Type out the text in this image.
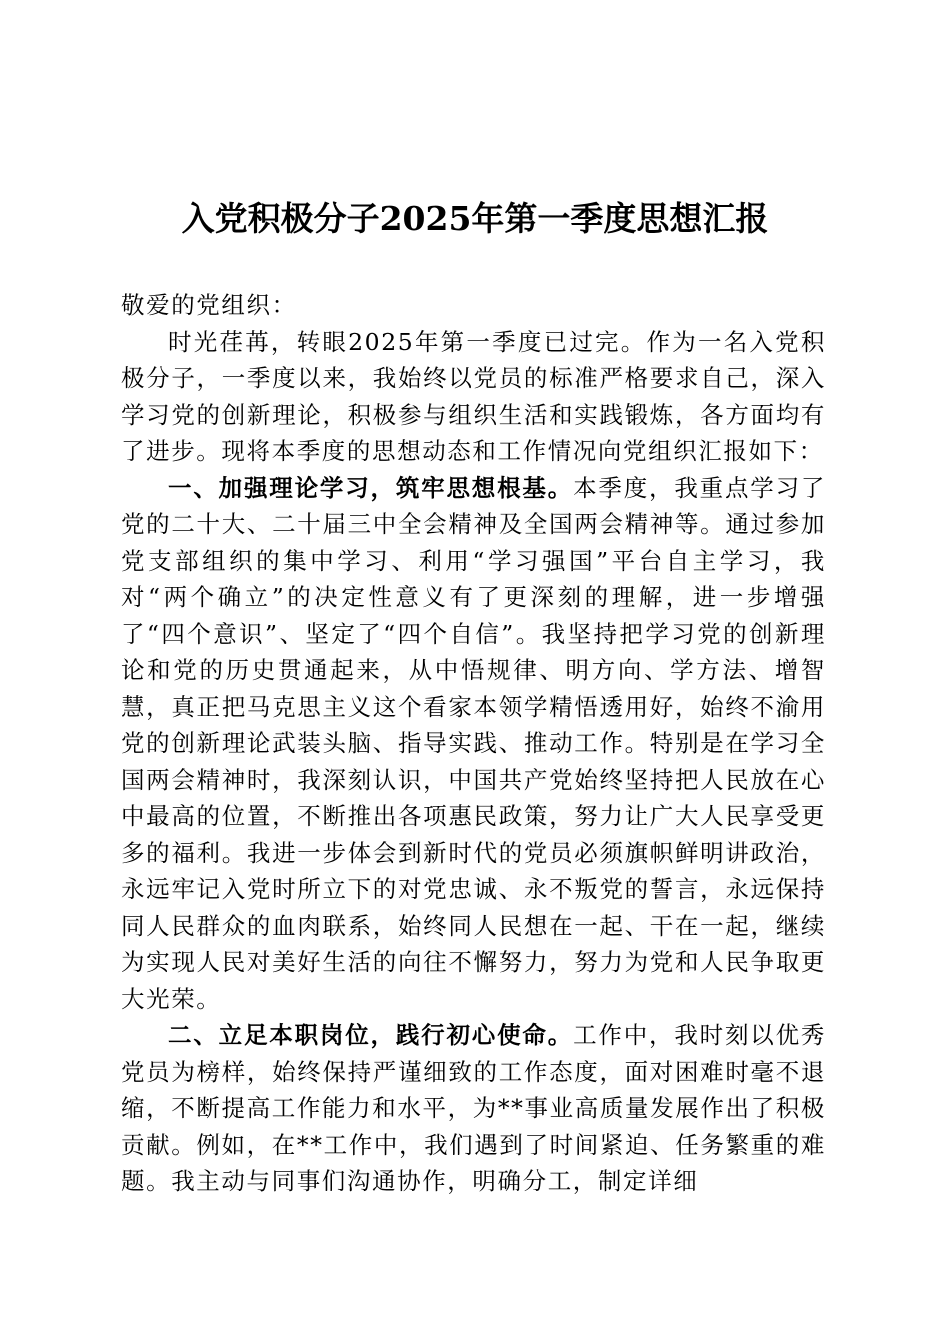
入党积极分子2025年第一季度思想汇报

敬爱的党组织：

时光荏苒，转眼2025年第一季度已过完。作为一名入党积极分子，一季度以来，我始终以党员的标准严格要求自己，深入学习党的创新理论，积极参与组织生活和实践锻炼，各方面均有了进步。现将本季度的思想动态和工作情况向党组织汇报如下：

一、加强理论学习，筑牢思想根基。本季度，我重点学习了党的二十大、二十届三中全会精神及全国两会精神等。通过参加党支部组织的集中学习、利用“学习强国”平台自主学习，我对“两个确立”的决定性意义有了更深刻的理解，进一步增强了“四个意识”、坚定了“四个自信”。我坚持把学习党的创新理论和党的历史贯通起来，从中悟规律、明方向、学方法、增智慧，真正把马克思主义这个看家本领学精悟透用好，始终不渝用党的创新理论武装头脑、指导实践、推动工作。特别是在学习全国两会精神时，我深刻认识，中国共产党始终坚持把人民放在心中最高的位置，不断推出各项惠民政策，努力让广大人民享受更多的福利。我进一步体会到新时代的党员必须旗帜鲜明讲政治，永远牢记入党时所立下的对党忠诚、永不叛党的誓言，永远保持同人民群众的血肉联系，始终同人民想在一起、干在一起，继续为实现人民对美好生活的向往不懈努力，努力为党和人民争取更大光荣。

二、立足本职岗位，践行初心使命。工作中，我时刻以优秀党员为榜样，始终保持严谨细致的工作态度，面对困难时毫不退缩，不断提高工作能力和水平，为**事业高质量发展作出了积极贡献。例如，在**工作中，我们遇到了时间紧迫、任务繁重的难题。我主动与同事们沟通协作，明确分工，制定详细
